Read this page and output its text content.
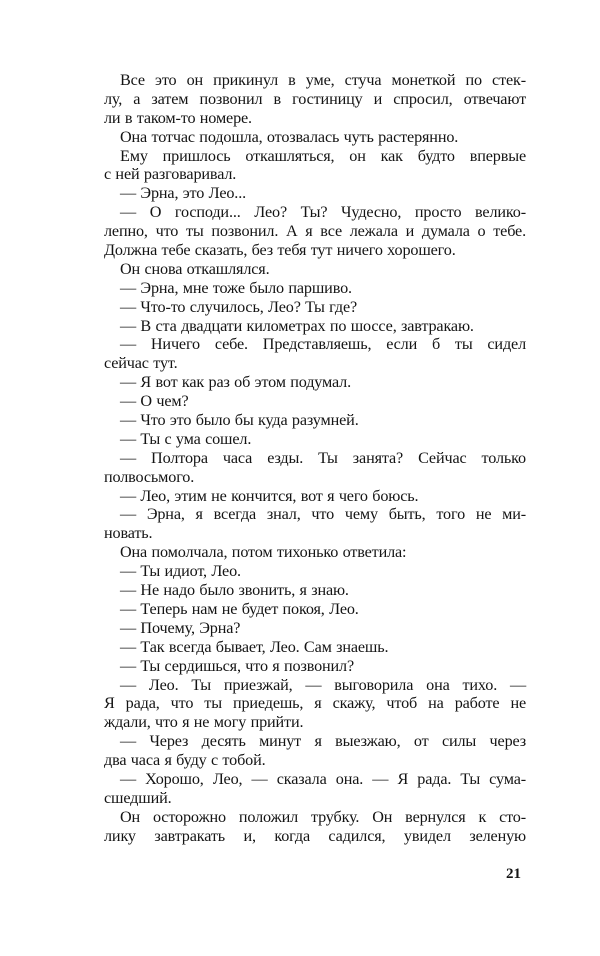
Все это он прикинул в уме, стуча монеткой по стек-
лу, а затем позвонил в гостиницу и спросил, отвечают
ли в таком-то номере.
Она тотчас подошла, отозвалась чуть растерянно.
Ему пришлось откашляться, он как будто впервые
с ней разговаривал.
— Эрна, это Лео...
— О господи... Лео? Ты? Чудесно, просто велико-
лепно, что ты позвонил. А я все лежала и думала о тебе.
Должна тебе сказать, без тебя тут ничего хорошего.
Он снова откашлялся.
— Эрна, мне тоже было паршиво.
— Что-то случилось, Лео? Ты где?
— В ста двадцати километрах по шоссе, завтракаю.
— Ничего себе. Представляешь, если б ты сидел
сейчас тут.
— Я вот как раз об этом подумал.
— О чем?
— Что это было бы куда разумней.
— Ты с ума сошел.
— Полтора часа езды. Ты занята? Сейчас только
полвосьмого.
— Лео, этим не кончится, вот я чего боюсь.
— Эрна, я всегда знал, что чему быть, того не ми-
новать.
Она помолчала, потом тихонько ответила:
— Ты идиот, Лео.
— Не надо было звонить, я знаю.
— Теперь нам не будет покоя, Лео.
— Почему, Эрна?
— Так всегда бывает, Лео. Сам знаешь.
— Ты сердишься, что я позвонил?
— Лео. Ты приезжай, — выговорила она тихо. —
Я рада, что ты приедешь, я скажу, чтоб на работе не
ждали, что я не могу прийти.
— Через десять минут я выезжаю, от силы через
два часа я буду с тобой.
— Хорошо, Лео, — сказала она. — Я рада. Ты сума-
сшедший.
Он осторожно положил трубку. Он вернулся к сто-
лику завтракать и, когда садился, увидел зеленую
21
